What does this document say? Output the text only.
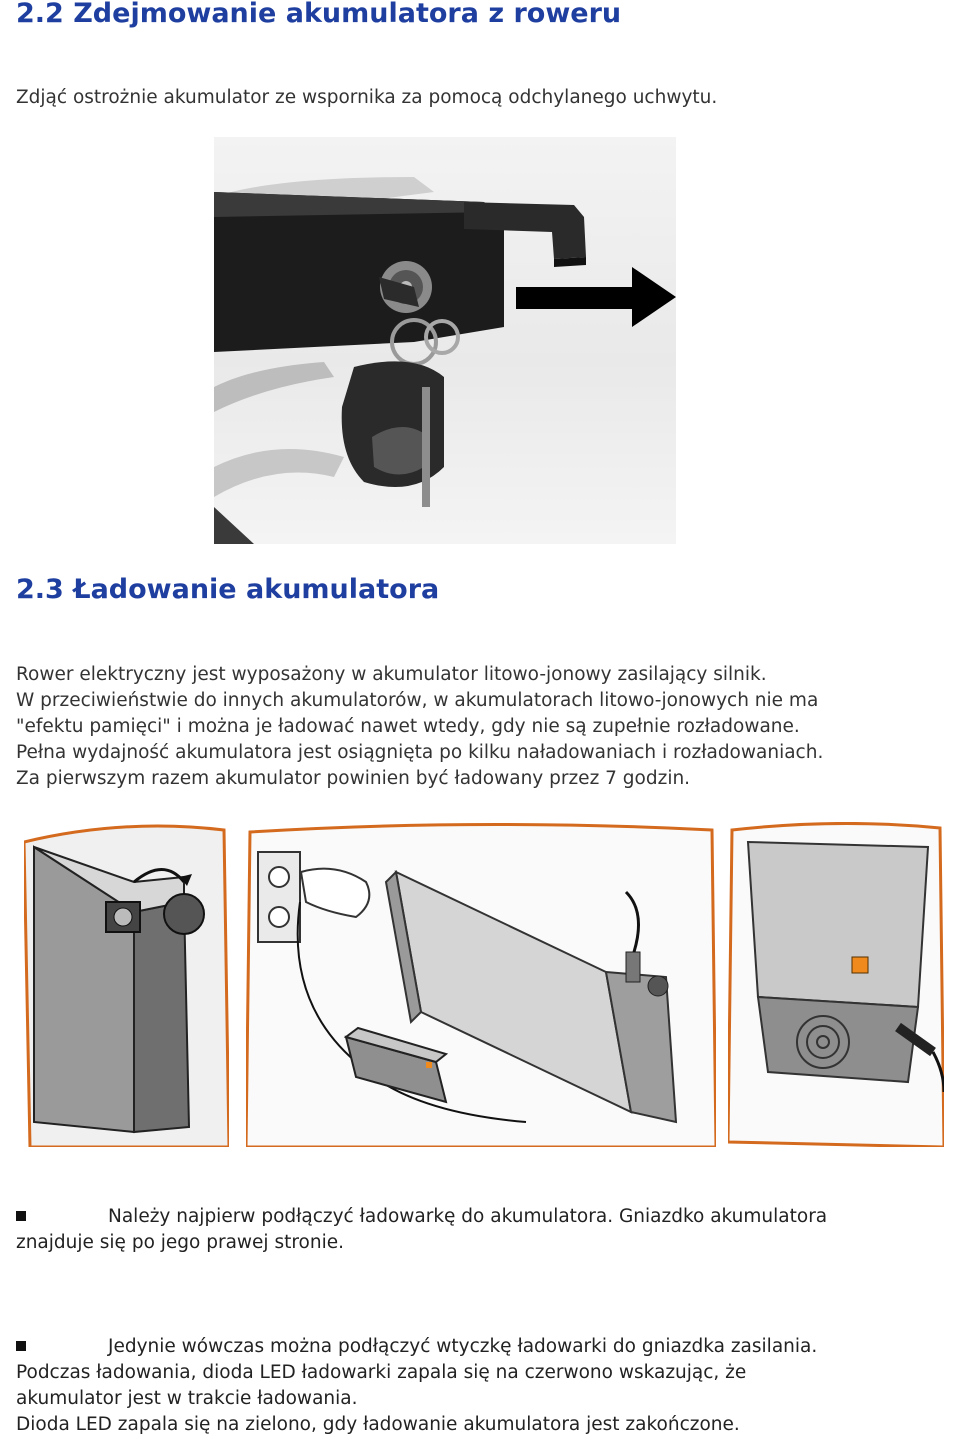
2.2 Zdejmowanie akumulatora z roweru

Zdjąć ostrożnie akumulator ze wspornika za pomocą odchylanego uchwytu.

2.3 Ładowanie akumulatora
Rower elektryczny jest wyposażony w akumulator litowo-jonowy zasilający silnik.
W przeciwieństwie do innych akumulatorów, w akumulatorach litowo-jonowych nie ma
"efektu pamięci" i można je ładować nawet wtedy, gdy nie są zupełnie rozładowane.
Pełna wydajność akumulatora jest osiągnięta po kilku naładowaniach i rozładowaniach.
Za pierwszym razem akumulator powinien być ładowany przez 7 godzin.
Należy najpierw podłączyć ładowarkę do akumulatora. Gniazdko akumulatora
znajduje się po jego prawej stronie.
Jedynie wówczas można podłączyć wtyczkę ładowarki do gniazdka zasilania.
Podczas ładowania, dioda LED ładowarki zapala się na czerwono wskazując, że
akumulator jest w trakcie ładowania.
Dioda LED zapala się na zielono, gdy ładowanie akumulatora jest zakończone.
